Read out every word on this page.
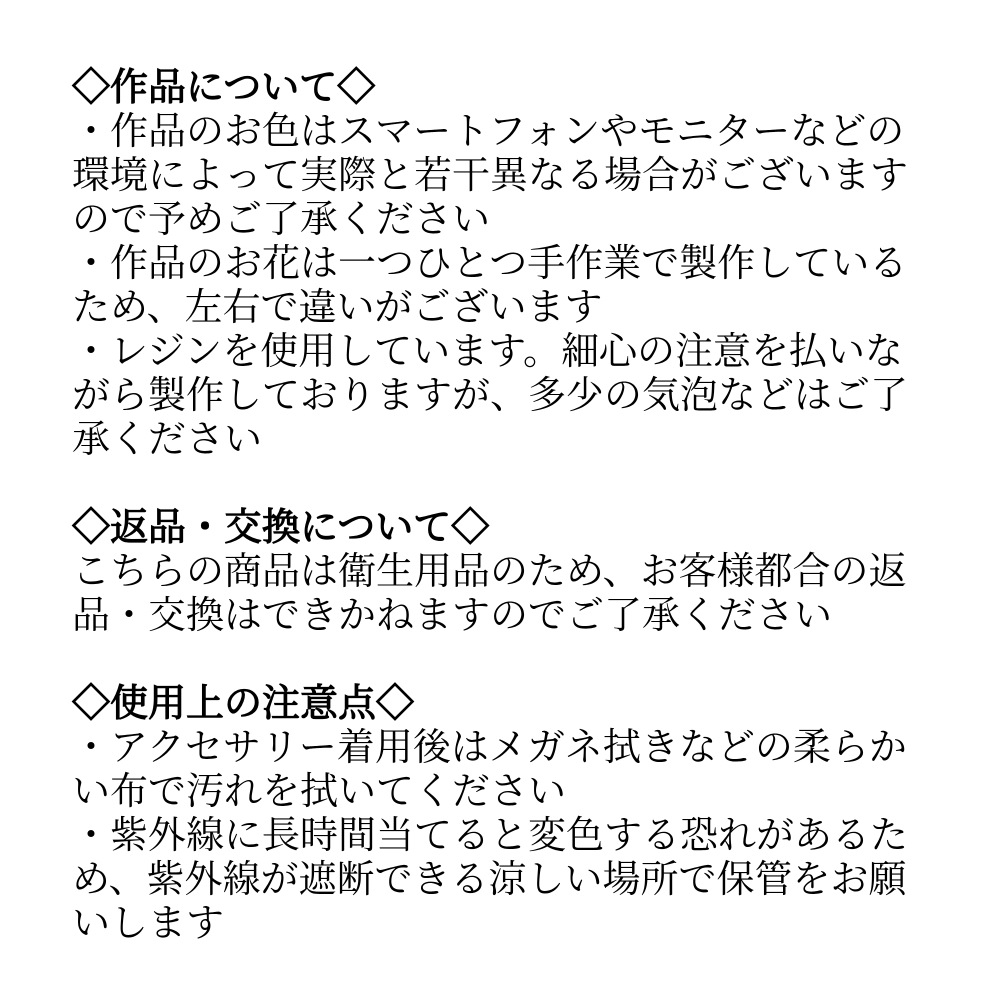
◇作品について◇
・作品のお色はスマートフォンやモニターなどの
環境によって実際と若干異なる場合がございます
ので予めご了承ください
・作品のお花は一つひとつ手作業で製作している
ため、左右で違いがございます
・レジンを使用しています。細心の注意を払いな
がら製作しておりますが、多少の気泡などはご了
承ください
◇返品・交換について◇
こちらの商品は衛生用品のため、お客様都合の返
品・交換はできかねますのでご了承ください
◇使用上の注意点◇
・アクセサリー着用後はメガネ拭きなどの柔らか
い布で汚れを拭いてください
・紫外線に長時間当てると変色する恐れがあるた
め、紫外線が遮断できる涼しい場所で保管をお願
いします
